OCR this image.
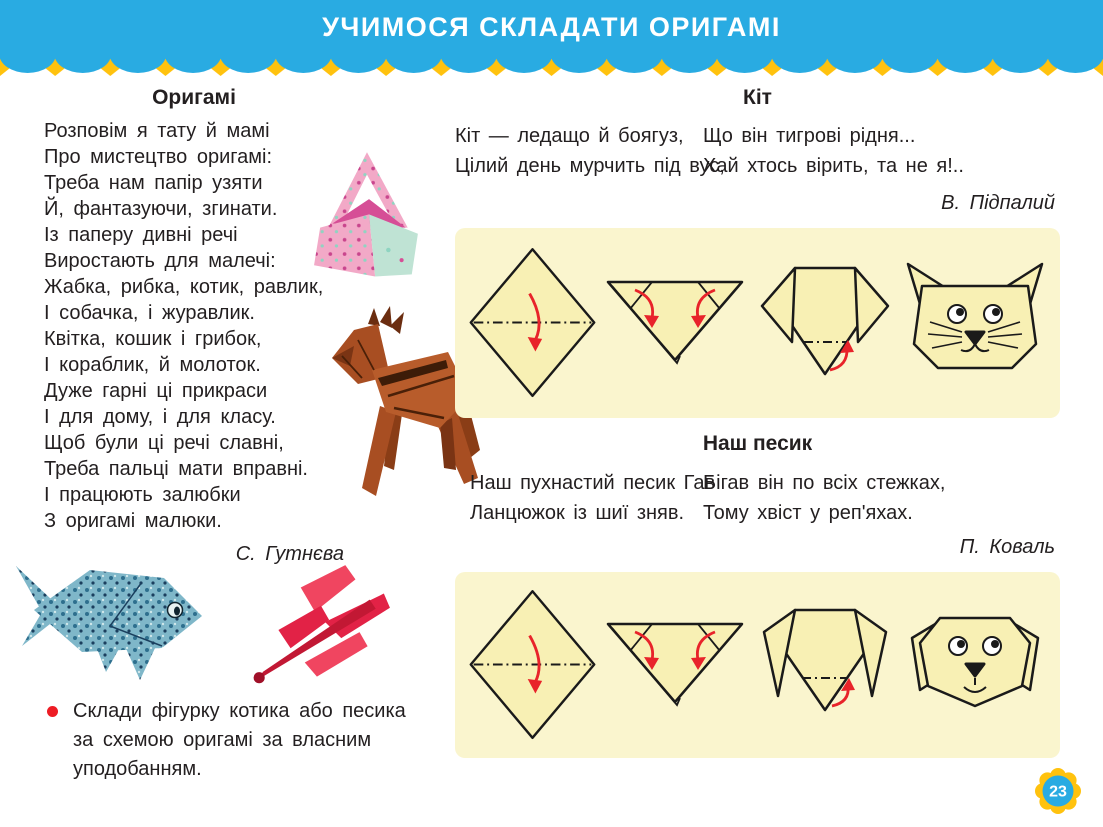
УЧИМОСЯ СКЛАДАТИ ОРИГАМІ
Оригамі
Розповім я тату й мамі
Про мистецтво оригамі:
Треба нам папір узяти
Й, фантазуючи, згинати.
Із паперу дивні речі
Виростають для малечі:
Жабка, рибка, котик, равлик,
І собачка, і журавлик.
Квітка, кошик і грибок,
І кораблик, й молоток.
Дуже гарні ці прикраси
І для дому, і для класу.
Щоб були ці речі славні,
Треба пальці мати вправні.
І працюють залюбки
З оригамі малюки.
С. Гутнєва
Склади фігурку котика або песика
за схемою оригамі за власним
уподобанням.
Кіт
Кіт — ледащо й боягуз,
Цілий день мурчить під вус,
Що він тигрові рідня...
Хай хтось вірить, та не я!..
В. Підпалий
Наш песик
Наш пухнастий песик Гав
Ланцюжок із шиї зняв.
Бігав він по всіх стежках,
Тому хвіст у реп'яхах.
П. Коваль
23
